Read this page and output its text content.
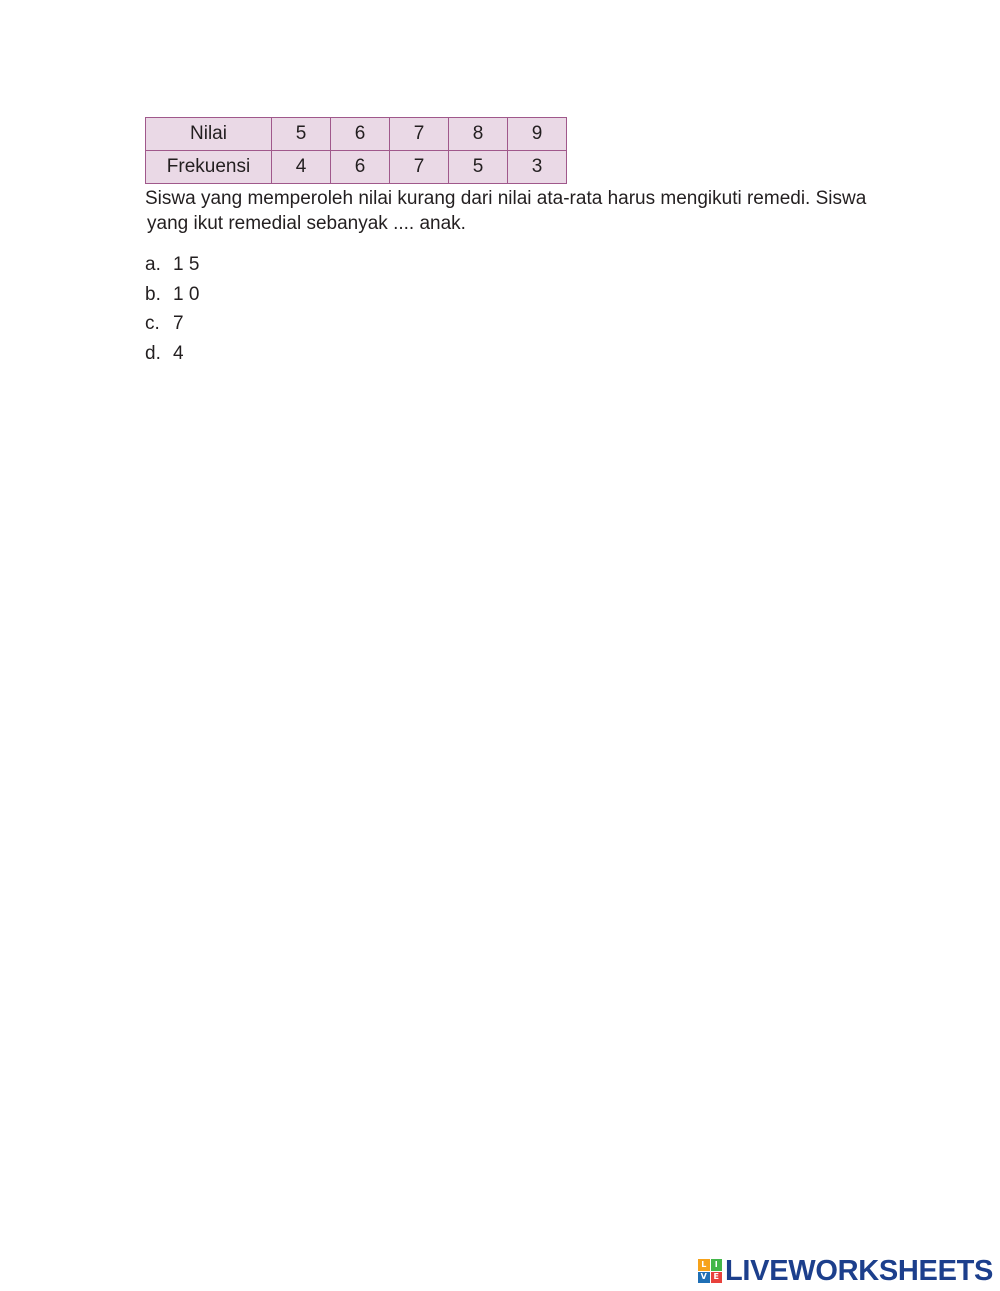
Nilai	5	6	7	8	9
Frekuensi	4	6	7	5	3

Siswa yang memperoleh nilai kurang dari nilai ata-rata harus mengikuti remedi. Siswa
yang ikut remedial sebanyak .... anak.

a. 1 5
b. 1 0
c. 7
d. 4
L	I
V E LIVEWORKSHEETS
